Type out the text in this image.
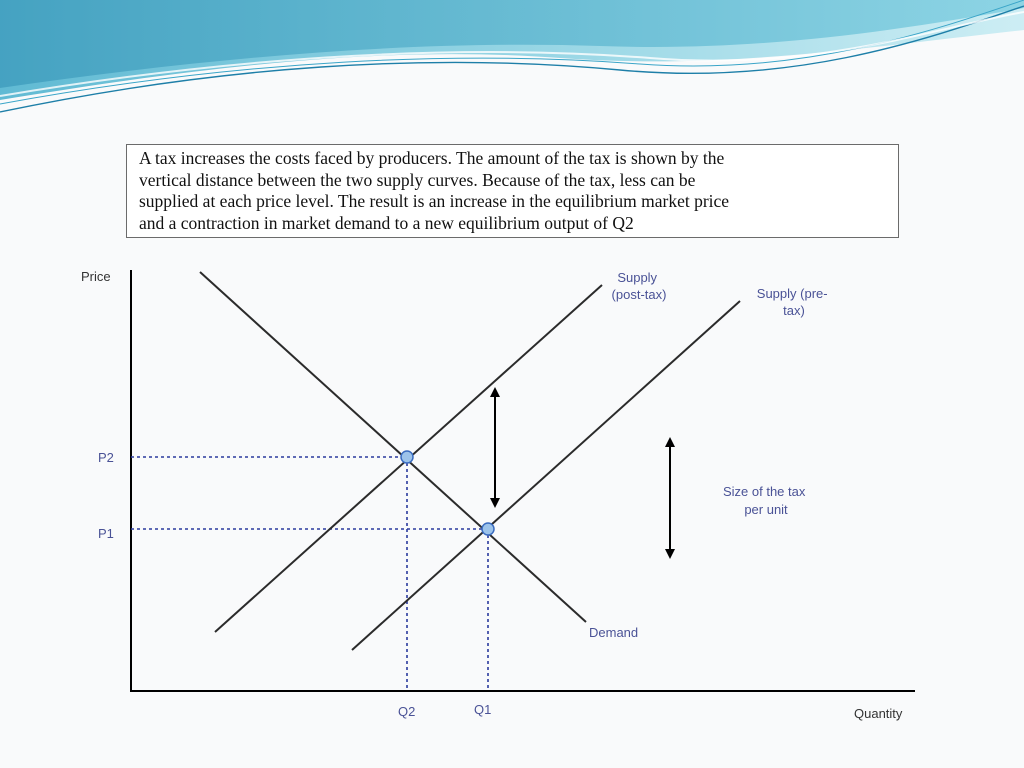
A tax increases the costs faced by producers. The amount of the tax is shown by the
vertical distance between the two supply curves. Because of the tax, less can be
supplied at each price level. The result is an increase in the equilibrium market price
and a contraction in market demand to a new equilibrium output of Q2
Price
Quantity
P2
P1
Q2	Q1
Supply (post-tax)	Supply (pre- tax)
Demand
Size of the tax per unit
